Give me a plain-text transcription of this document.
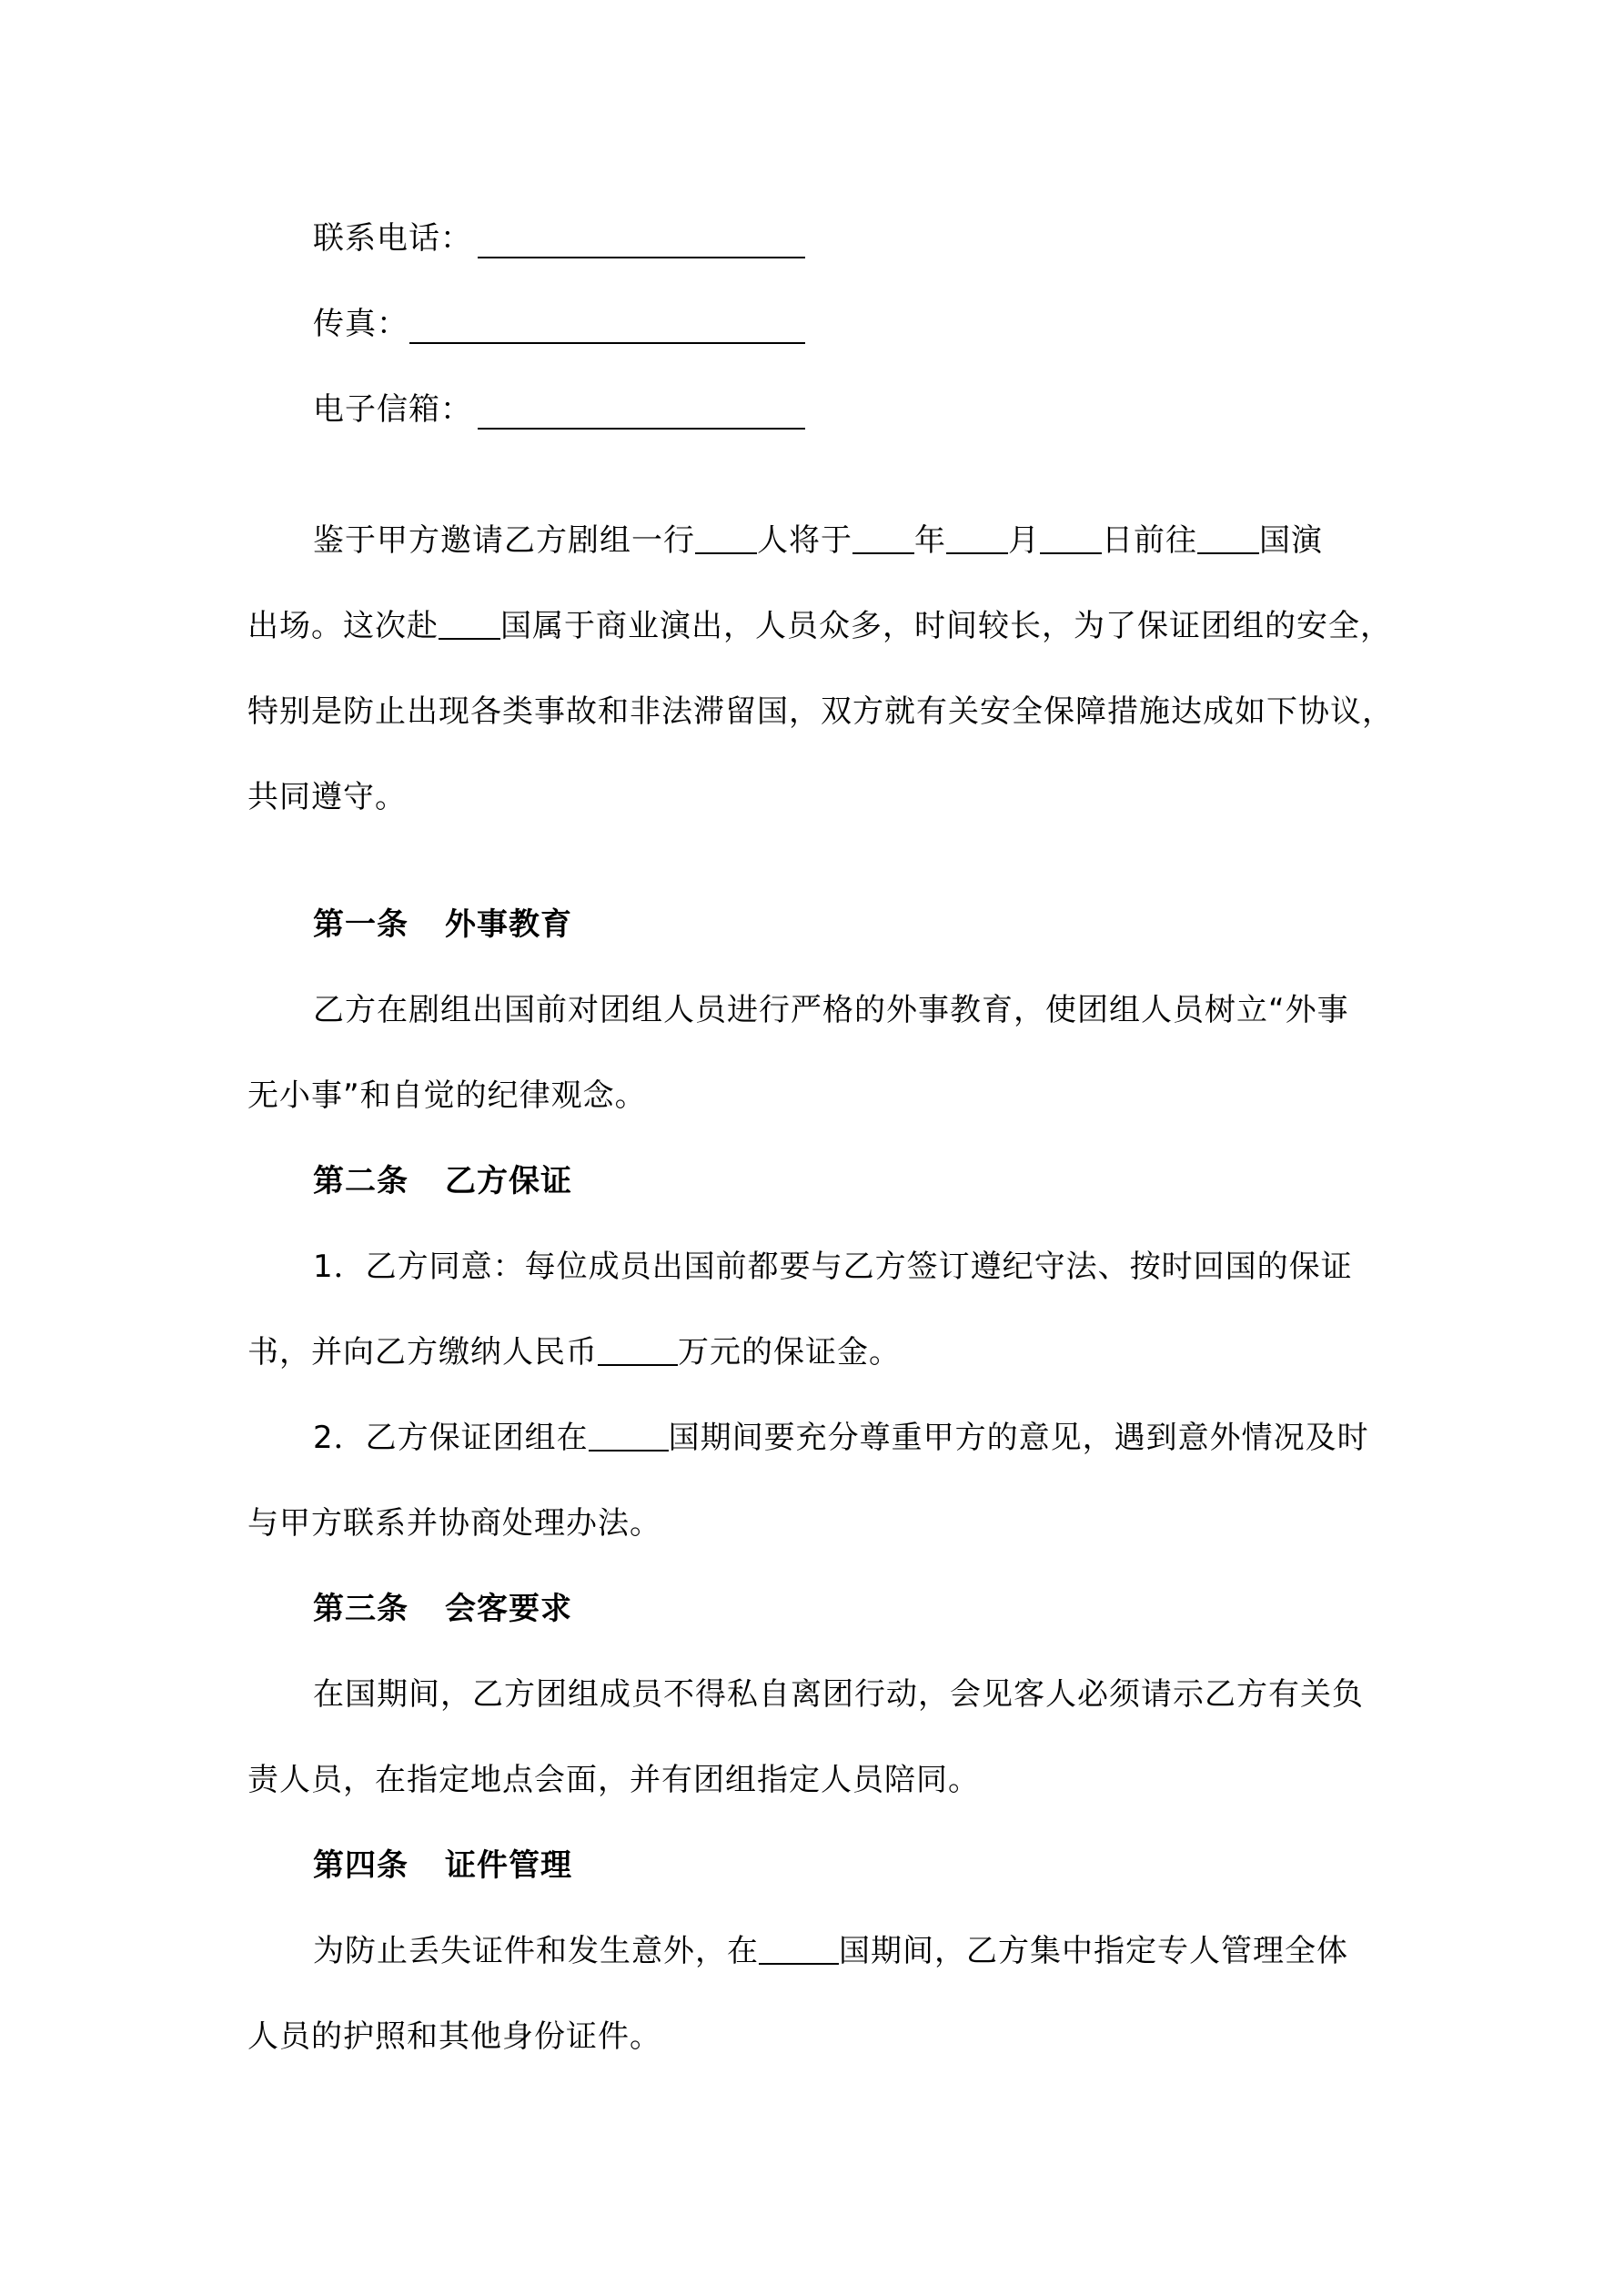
联系电话：
传真：
电子信箱：
鉴于甲方邀请乙方剧组一行 人将于 年 月 日前往 国演
出场。这次赴 国属于商业演出，人员众多，时间较长，为了保证团组的安全，
特别是防止出现各类事故和非法滞留国，双方就有关安全保障措施达成如下协议，
共同遵守。
第一条 外事教育
乙方在剧组出国前对团组人员进行严格的外事教育，使团组人员树立“外事
无小事”和自觉的纪律观念。
第二条 乙方保证
1．乙方同意：每位成员出国前都要与乙方签订遵纪守法、按时回国的保证
书，并向乙方缴纳人民币	万元的保证金。
2．乙方保证团组在	国期间要充分尊重甲方的意见，遇到意外情况及时
与甲方联系并协商处理办法。
第三条 会客要求
在国期间，乙方团组成员不得私自离团行动，会见客人必须请示乙方有关负
责人员，在指定地点会面，并有团组指定人员陪同。
第四条 证件管理
为防止丢失证件和发生意外，在	国期间，乙方集中指定专人管理全体
人员的护照和其他身份证件。
